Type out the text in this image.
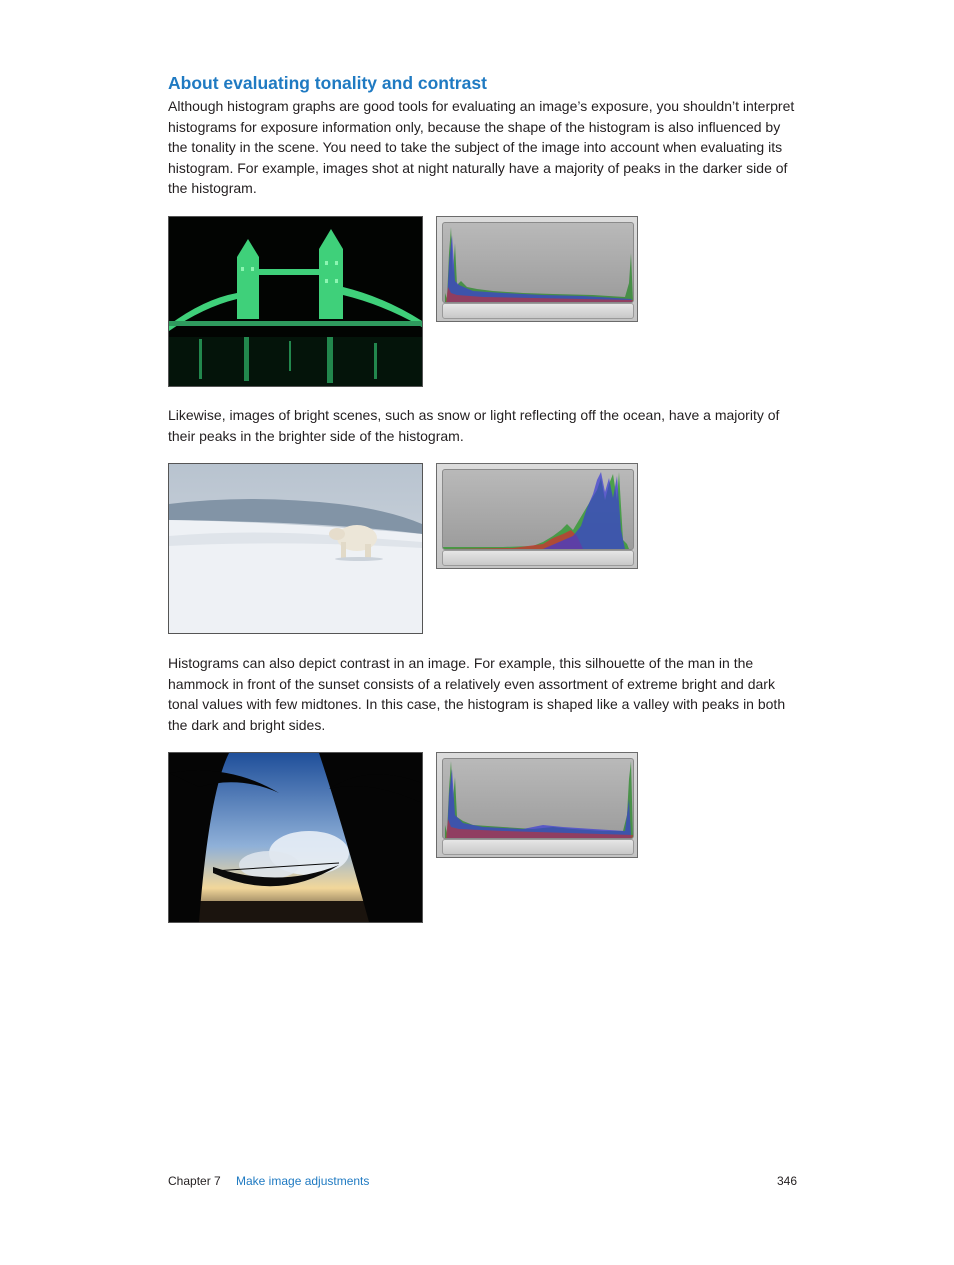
About evaluating tonality and contrast

Although histogram graphs are good tools for evaluating an image’s exposure, you shouldn’t interpret histograms for exposure information only, because the shape of the histogram is also influenced by the tonality in the scene. You need to take the subject of the image into account when evaluating its histogram. For example, images shot at night naturally have a majority of peaks in the darker side of the histogram.

Likewise, images of bright scenes, such as snow or light reflecting off the ocean, have a majority of their peaks in the brighter side of the histogram.

Histograms can also depict contrast in an image. For example, this silhouette of the man in the hammock in front of the sunset consists of a relatively even assortment of extreme bright and dark tonal values with few midtones. In this case, the histogram is shaped like a valley with peaks in both the dark and bright sides.

Chapter 7 Make image adjustments	346
